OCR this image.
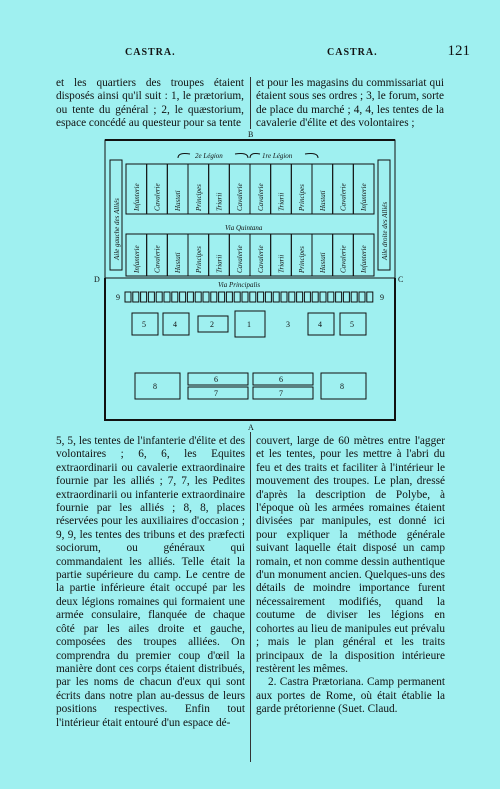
CASTRA.	CASTRA.	121

et les quartiers des troupes étaient disposés ainsi qu'il suit : 1, le prætorium, ou tente du général ; 2, le quæstorium, espace concédé au questeur pour sa tente

et pour les magasins du commissariat qui étaient sous ses ordres ; 3, le forum, sorte de place du marché ; 4, 4, les tentes de la cavalerie d'élite et des volontaires ;

B
A
D	C
2e Légion	1re Légion
Aile gauche des Alliés	Aile droite des Alliés
Infanterie Cavalerie Hastati Principes Triarii Cavalerie Cavalerie Triarii Principes Hastati Cavalerie Infanterie
Via Quintana
Infanterie Cavalerie Hastati Principes Triarii Cavalerie Cavalerie Triarii Principes Hastati Cavalerie Infanterie
Via Principalis
9	9
5	4	2	1	3	4	5
8
6
7
6
7
8

5, 5, les tentes de l'infanterie d'élite et des volontaires ; 6, 6, les Equites extraordinarii ou cavalerie extraordinaire fournie par les alliés ; 7, 7, les Pedites extraordinarii ou infanterie extraordinaire fournie par les alliés ; 8, 8, places réservées pour les auxiliaires d'occasion ; 9, 9, les tentes des tribuns et des præfecti sociorum, ou généraux qui commandaient les alliés. Telle était la partie supérieure du camp. Le centre de la partie inférieure était occupé par les deux légions romaines qui formaient une armée consulaire, flanquée de chaque côté par les ailes droite et gauche, composées des troupes alliées. On comprendra du premier coup d'œil la manière dont ces corps étaient distribués, par les noms de chacun d'eux qui sont écrits dans notre plan au-dessus de leurs positions respectives. Enfin tout l'intérieur était entouré d'un espace dé-

couvert, large de 60 mètres entre l'agger et les tentes, pour les mettre à l'abri du feu et des traits et faciliter à l'intérieur le mouvement des troupes. Le plan, dressé d'après la description de Polybe, à l'époque où les armées romaines étaient divisées par manipules, est donné ici pour expliquer la méthode générale suivant laquelle était disposé un camp romain, et non comme dessin authentique d'un monument ancien. Quelques-uns des détails de moindre importance furent nécessairement modifiés, quand la coutume de diviser les légions en cohortes au lieu de manipules eut prévalu ; mais le plan général et les traits principaux de la disposition intérieure restèrent les mêmes.

2. Castra Prætoriana. Camp permanent aux portes de Rome, où était établie la garde prétorienne (Suet. Claud.
